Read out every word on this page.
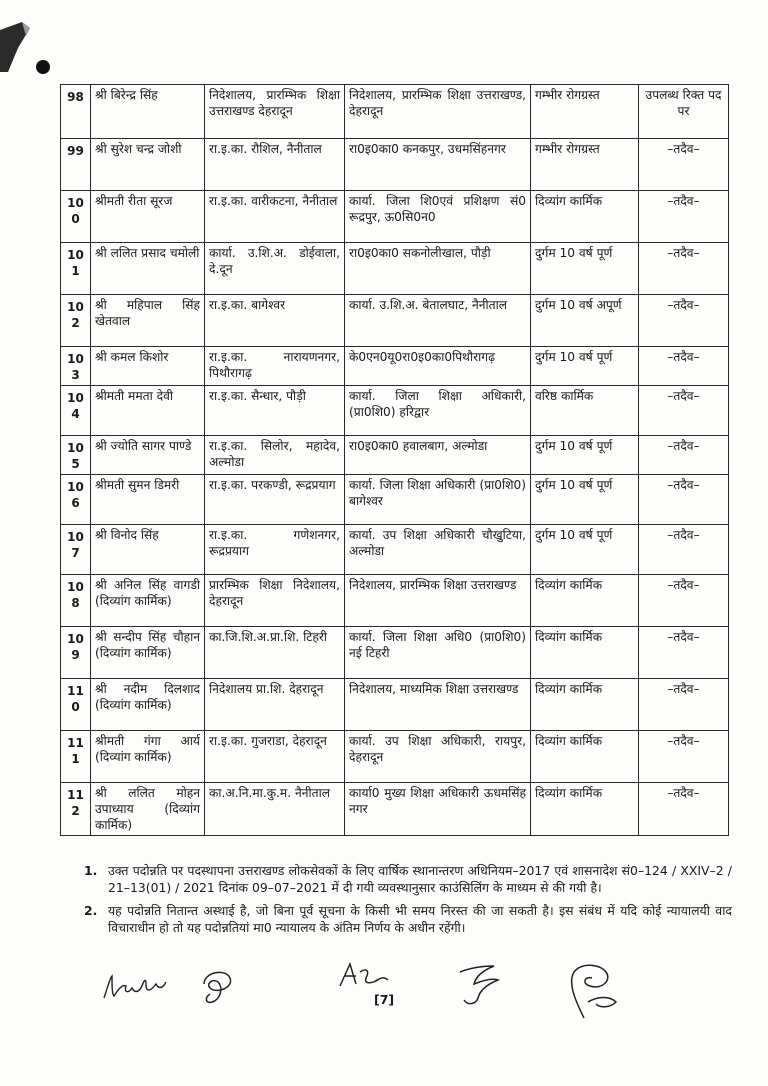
98	श्री बिरेन्द्र सिंह	निदेशालय, प्रारम्भिक शिक्षा उत्तराखण्ड देहरादून	निदेशालय, प्रारम्भिक शिक्षा उत्तराखण्ड, देहरादून	गम्भीर रोगग्रस्त	उपलब्ध रिक्त पद पर
99	श्री सुरेश चन्द्र जोशी	रा.इ.का. रौशिल, नैनीताल	रा0इ0का0 कनकपुर, उधमसिंहनगर	गम्भीर रोगग्रस्त	–तदैव–
100	श्रीमती रीता सूरज	रा.इ.का. वारीकटना, नैनीताल	कार्या. जिला शि0एवं प्रशिक्षण सं0 रूद्रपुर, ऊ0सि0न0	दिव्यांग कार्मिक	–तदैव–
101	श्री ललित प्रसाद चमोली	कार्या. उ.शि.अ. डोईवाला, दे.दून	रा0इ0का0 सकनोलीखाल, पौड़ी	दुर्गम 10 वर्ष पूर्ण	–तदैव–
102	श्री महिपाल सिंह खेतवाल	रा.इ.का. बागेश्वर	कार्या. उ.शि.अ. बेतालघाट, नैनीताल	दुर्गम 10 वर्ष अपूर्ण	–तदैव–
103	श्री कमल किशोर	रा.इ.का. नारायणनगर, पिथौरागढ़	के0एन0यू0रा0इ0का0पिथौरागढ़	दुर्गम 10 वर्ष पूर्ण	–तदैव–
104	श्रीमती ममता देवी	रा.इ.का. सैन्धार, पौड़ी	कार्या. जिला शिक्षा अधिकारी, (प्रा0शि0) हरिद्वार	वरिष्ठ कार्मिक	–तदैव–
105	श्री ज्योति सागर पाण्डे	रा.इ.का. सिलोर, महादेव, अल्मोडा	रा0इ0का0 हवालबाग, अल्मोडा	दुर्गम 10 वर्ष पूर्ण	–तदैव–
106	श्रीमती सुमन डिमरी	रा.इ.का. परकण्डी, रूद्रप्रयाग	कार्या. जिला शिक्षा अधिकारी (प्रा0शि0) बागेश्वर	दुर्गम 10 वर्ष पूर्ण	–तदैव–
107	श्री विनोद सिंह	रा.इ.का. गणेशनगर, रूद्रप्रयाग	कार्या. उप शिक्षा अधिकारी चौखुटिया, अल्मोडा	दुर्गम 10 वर्ष पूर्ण	–तदैव–
108	श्री अनिल सिंह वागडी (दिव्यांग कार्मिक)	प्रारम्भिक शिक्षा निदेशालय, देहरादून	निदेशालय, प्रारम्भिक शिक्षा उत्तराखण्ड	दिव्यांग कार्मिक	–तदैव–
109	श्री सन्दीप सिंह चौहान (दिव्यांग कार्मिक)	का.जि.शि.अ.प्रा.शि. टिहरी	कार्या. जिला शिक्षा अधि0 (प्रा0शि0) नई टिहरी	दिव्यांग कार्मिक	–तदैव–
110	श्री नदीम दिलशाद (दिव्यांग कार्मिक)	निदेशालय प्रा.शि. देहरादून	निदेशालय, माध्यमिक शिक्षा उत्तराखण्ड	दिव्यांग कार्मिक	–तदैव–
111	श्रीमती गंगा आर्य (दिव्यांग कार्मिक)	रा.इ.का. गुजराडा, देहरादून	कार्या. उप शिक्षा अधिकारी, रायपुर, देहरादून	दिव्यांग कार्मिक	–तदैव–
112	श्री ललित मोहन उपाध्याय (दिव्यांग कार्मिक)	का.अ.नि.मा.कु.म. नैनीताल	कार्या0 मुख्य शिक्षा अधिकारी ऊधमसिंह नगर	दिव्यांग कार्मिक	–तदैव–
1. उक्त पदोन्नति पर पदस्थापना उत्तराखण्ड लोकसेवकों के लिए वार्षिक स्थानान्तरण अधिनियम–2017 एवं शासनादेश सं0–124 / XXIV–2 / 21–13(01) / 2021 दिनांक 09–07–2021 में दी गयी व्यवस्थानुसार काउंसिलिंग के माध्यम से की गयी है।
2. यह पदोन्नति नितान्त अस्थाई है, जो बिना पूर्व सूचना के किसी भी समय निरस्त की जा सकती है। इस संबंध में यदि कोई न्यायालयी वाद विचाराधीन हो तो यह पदोन्नतियां मा0 न्यायालय के अंतिम निर्णय के अधीन रहेंगी।
[7]
